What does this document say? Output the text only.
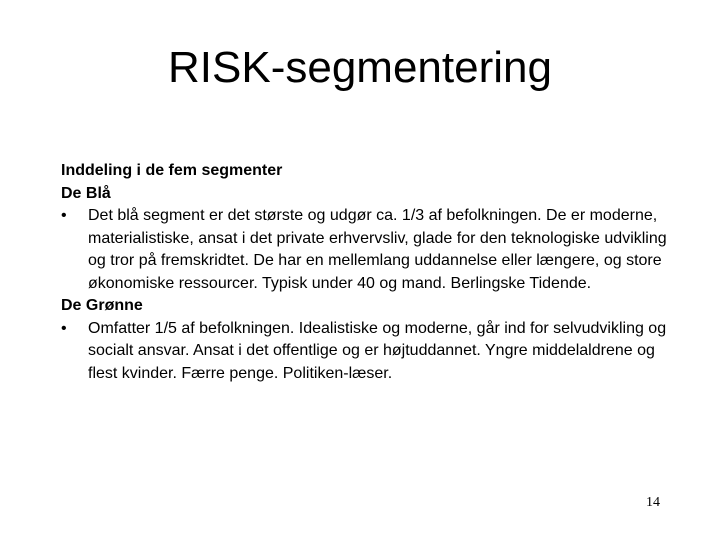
RISK-segmentering

Inddeling i de fem segmenter

De Blå

•	Det blå segment er det største og udgør ca. 1/3 af befolkningen. De er moderne, materialistiske, ansat i det private erhvervsliv, glade for den teknologiske udvikling og tror på fremskridtet. De har en mellemlang uddannelse eller længere, og store økonomiske ressourcer. Typisk under 40 og mand. Berlingske Tidende.

De Grønne

•	Omfatter 1/5 af befolkningen. Idealistiske og moderne, går ind for selvudvikling og socialt ansvar. Ansat i det offentlige og er højtuddannet. Yngre middelaldrene og flest kvinder. Færre penge. Politiken-læser.
14
